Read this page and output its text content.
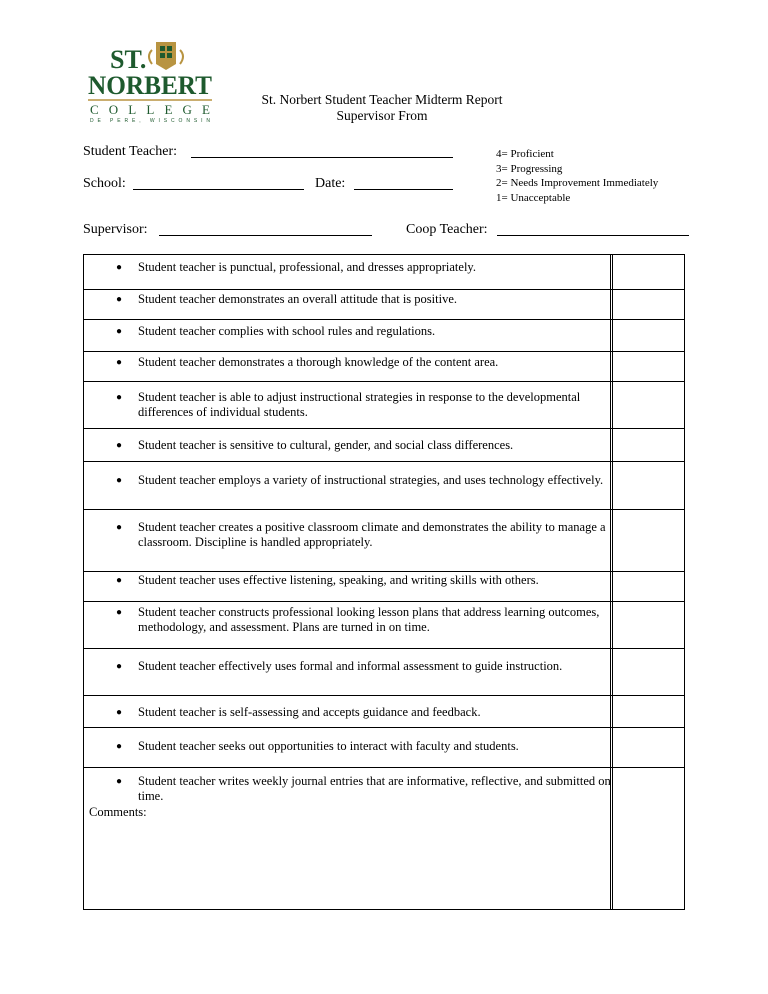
ST.
NORBERT
COLLEGE
DE PERE, WISCONSIN
St. Norbert Student Teacher Midterm Report
Supervisor From
Student Teacher:
School:	Date:
Supervisor:	Coop Teacher:
4= Proficient
3= Progressing
2= Needs Improvement Immediately
1= Unacceptable
● Student teacher is punctual, professional, and dresses appropriately.
● Student teacher demonstrates an overall attitude that is positive.
● Student teacher complies with school rules and regulations.
● Student teacher demonstrates a thorough knowledge of the content area.
● Student teacher is able to adjust instructional strategies in response to the developmental differences of individual students.
● Student teacher is sensitive to cultural, gender, and social class differences.
● Student teacher employs a variety of instructional strategies, and uses technology effectively.
● Student teacher creates a positive classroom climate and demonstrates the ability to manage a classroom. Discipline is handled appropriately.
● Student teacher uses effective listening, speaking, and writing skills with others.
● Student teacher constructs professional looking lesson plans that address learning outcomes, methodology, and assessment. Plans are turned in on time.
● Student teacher effectively uses formal and informal assessment to guide instruction.
● Student teacher is self-assessing and accepts guidance and feedback.
● Student teacher seeks out opportunities to interact with faculty and students.
● Student teacher writes weekly journal entries that are informative, reflective, and submitted on time.
Comments:
